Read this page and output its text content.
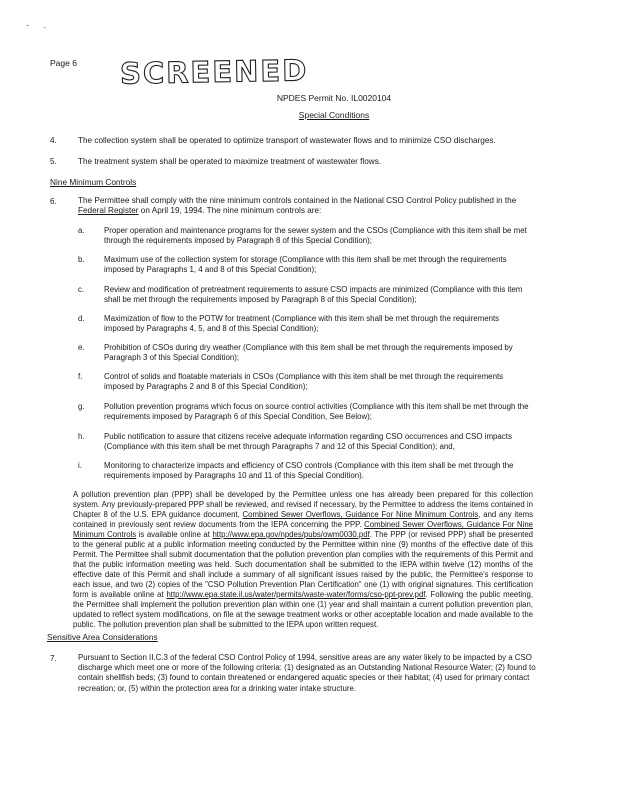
- .
Page 6 SCREENED
NPDES Permit No. IL0020104
Special Conditions
4.	The collection system shall be operated to optimize transport of wastewater flows and to minimize CSO discharges.
5.	The treatment system shall be operated to maximize treatment of wastewater flows.
Nine Minimum Controls
6.	The Permittee shall comply with the nine minimum controls contained in the National CSO Control Policy published in the Federal Register on April 19, 1994. The nine minimum controls are:
a. Proper operation and maintenance programs for the sewer system and the CSOs (Compliance with this item shall be met through the requirements imposed by Paragraph 8 of this Special Condition);
b. Maximum use of the collection system for storage (Compliance with this item shall be met through the requirements imposed by Paragraphs 1, 4 and 8 of this Special Condition);
c.	Review and modification of pretreatment requirements to assure CSO impacts are minimized (Compliance with this item shall be met through the requirements imposed by Paragraph 8 of this Special Condition);
d. Maximization of flow to the POTW for treatment (Compliance with this item shall be met through the requirements imposed by Paragraphs 4, 5, and 8 of this Special Condition);
e. Prohibition of CSOs during dry weather (Compliance with this item shall be met through the requirements imposed by Paragraph 3 of this Special Condition);
f.	Control of solids and floatable materials in CSOs (Compliance with this item shall be met through the requirements imposed by Paragraphs 2 and 8 of this Special Condition);
g. Pollution prevention programs which focus on source control activities (Compliance with this item shall be met through the requirements imposed by Paragraph 6 of this Special Condition, See Below);
h. Public notification to assure that citizens receive adequate information regarding CSO occurrences and CSO impacts (Compliance with this item shall be met through Paragraphs 7 and 12 of this Special Condition); and,
i.	Monitoring to characterize impacts and efficiency of CSO controls (Compliance with this item shall be met through the requirements imposed by Paragraphs 10 and 11 of this Special Condition).
A pollution prevention plan (PPP) shall be developed by the Permittee unless one has already been prepared for this collection system. Any previously-prepared PPP shall be reviewed, and revised if necessary, by the Permittee to address the items contained in Chapter 8 of the U.S. EPA guidance document, Combined Sewer Overflows, Guidance For Nine Minimum Controls, and any items contained in previously sent review documents from the IEPA concerning the PPP. Combined Sewer Overflows, Guidance For Nine Minimum Controls is available online at http://www.epa.gov/npdes/pubs/owm0030.pdf. The PPP (or revised PPP) shall be presented to the general public at a public information meeting conducted by the Permittee within nine (9) months of the effective date of this Permit. The Permittee shall submit documentation that the pollution prevention plan complies with the requirements of this Permit and that the public information meeting was held. Such documentation shall be submitted to the IEPA within twelve (12) months of the effective date of this Permit and shall include a summary of all significant issues raised by the public, the Permittee's response to each issue, and two (2) copies of the "CSO Pollution Prevention Plan Certification" one (1) with original signatures. This certification form is available online at http://www.epa.state.il.us/water/permits/waste-water/forms/cso-ppt-prev.pdf. Following the public meeting, the Permittee shall implement the pollution prevention plan within one (1) year and shall maintain a current pollution prevention plan, updated to reflect system modifications, on file at the sewage treatment works or other acceptable location and made available to the public. The pollution prevention plan shall be submitted to the IEPA upon written request.
Sensitive Area Considerations
7.	Pursuant to Section II.C.3 of the federal CSO Control Policy of 1994, sensitive areas are any water likely to be impacted by a CSO discharge which meet one or more of the following criteria: (1) designated as an Outstanding National Resource Water; (2) found to contain shellfish beds; (3) found to contain threatened or endangered aquatic species or their habitat; (4) used for primary contact recreation; or, (5) within the protection area for a drinking water intake structure.
